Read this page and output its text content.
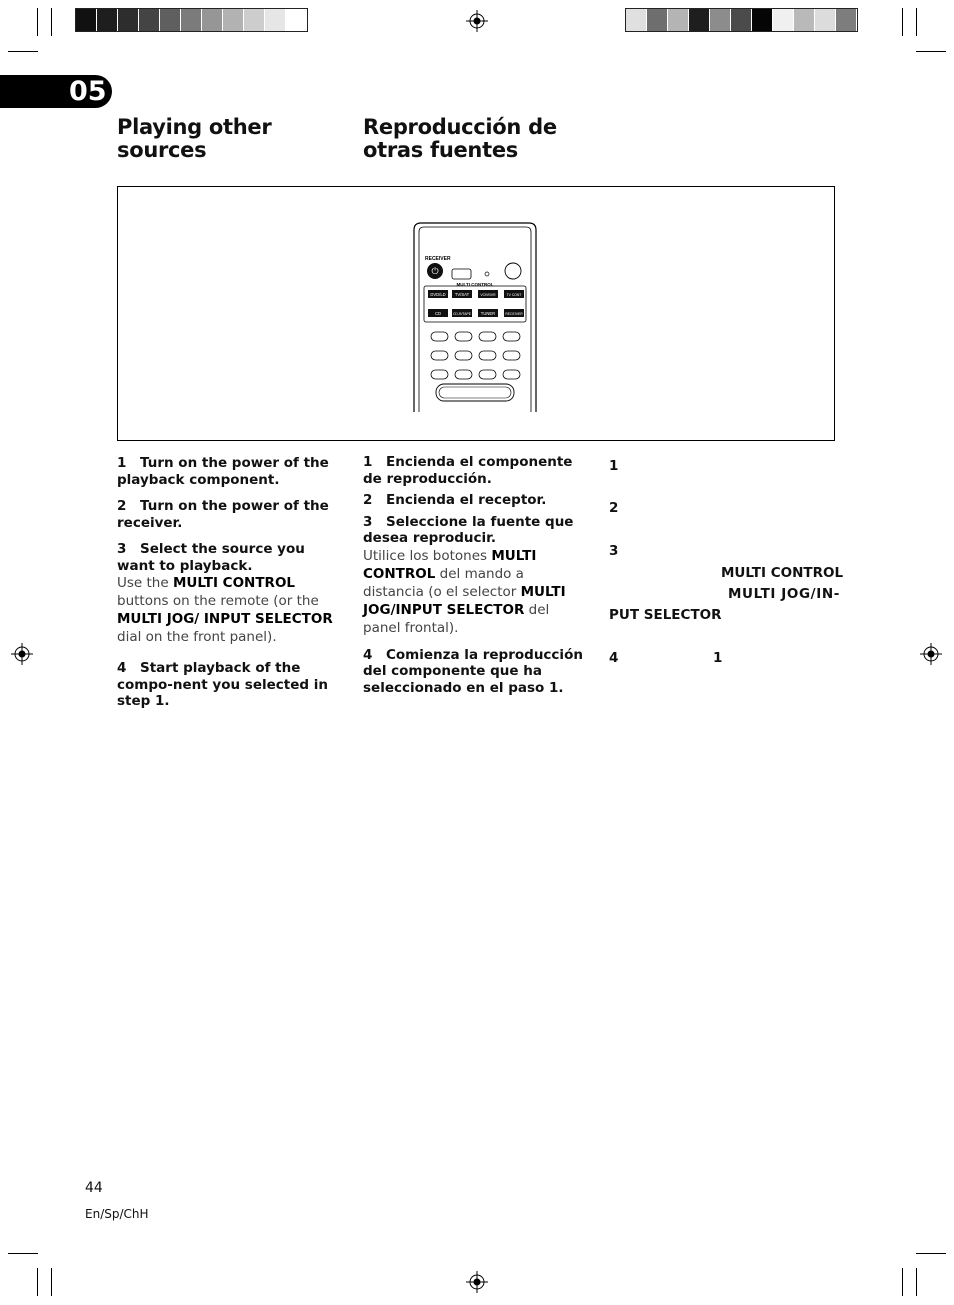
05
Playing other
sources
Reproducción de
otras fuentes
RECEIVER
⏻
MULTI CONTROL
DVD/LD TV/SAT	VCR/DVR	TV CONT
CD	CD-R/TAPE TUNER	RECEIVER

1 Turn on the power of the playback component.

2 Turn on the power of the receiver.

3 Select the source you want to playback.

Use the MULTI CONTROL buttons on the remote (or the MULTI JOG/ INPUT SELECTOR dial on the front panel).

4 Start playback of the compo-nent you selected in step 1.

1 Encienda el componente de reproducción.

2 Encienda el receptor.

3 Seleccione la fuente que desea reproducir.

Utilice los botones MULTI CONTROL del mando a distancia (o el selector MULTI JOG/INPUT SELECTOR del panel frontal).

4 Comienza la reproducción del componente que ha seleccionado en el paso 1.

1
2
3
MULTI CONTROL
MULTI JOG/IN-
PUT SELECTOR
4	1
44
En/Sp/ChH
